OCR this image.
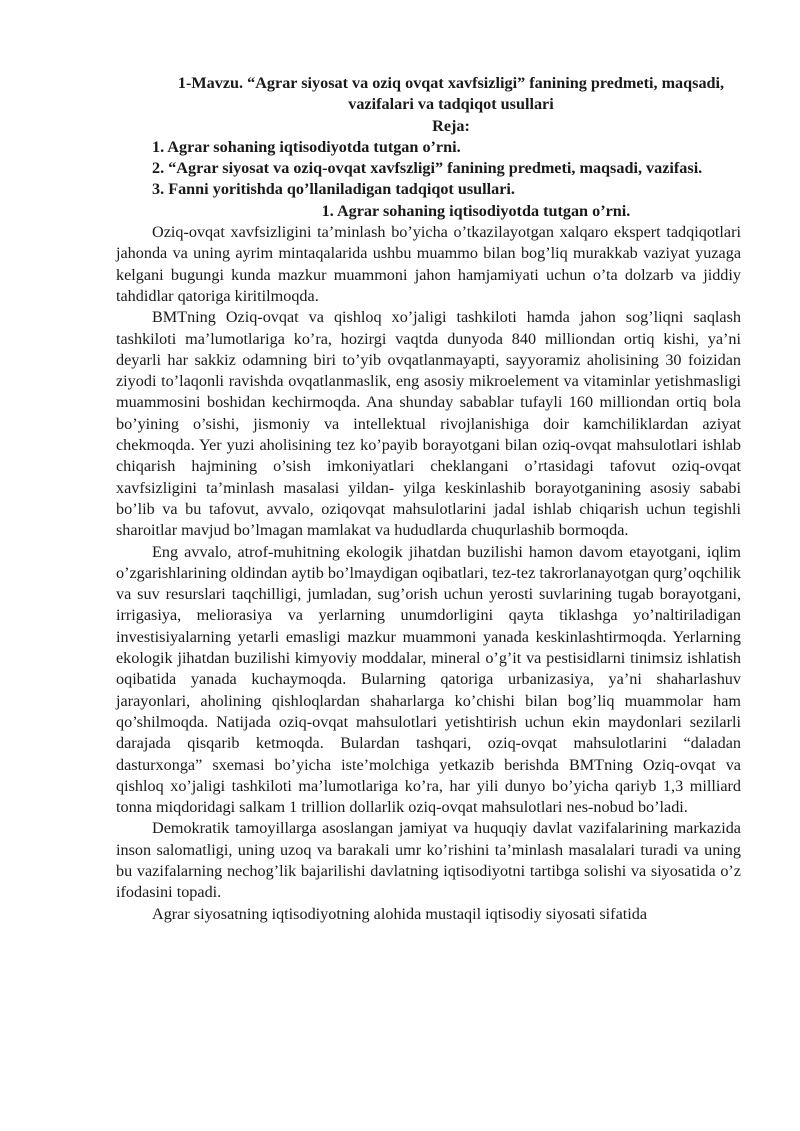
1-Mavzu. “Agrar siyosat va oziq ovqat xavfsizligi” fanining predmeti, maqsadi, vazifalari va tadqiqot usullari
Reja:
1. Agrar sohaning iqtisodiyotda tutgan o’rni.
2. “Agrar siyosat va oziq-ovqat xavfszligi” fanining predmeti, maqsadi, vazifasi.
3. Fanni yoritishda qo’llaniladigan tadqiqot usullari.
1. Agrar sohaning iqtisodiyotda tutgan o’rni.

Oziq-ovqat xavfsizligini ta’minlash bo’yicha o’tkazilayotgan xalqaro ekspert tadqiqotlari jahonda va uning ayrim mintaqalarida ushbu muammo bilan bog’liq murakkab vaziyat yuzaga kelgani bugungi kunda mazkur muammoni jahon hamjamiyati uchun o’ta dolzarb va jiddiy tahdidlar qatoriga kiritilmoqda.

BMTning Oziq-ovqat va qishloq xo’jaligi tashkiloti hamda jahon sog’liqni saqlash tashkiloti ma’lumotlariga ko’ra, hozirgi vaqtda dunyoda 840 milliondan ortiq kishi, ya’ni deyarli har sakkiz odamning biri to’yib ovqatlanmayapti, sayyoramiz aholisining 30 foizidan ziyodi to’laqonli ravishda ovqatlanmaslik, eng asosiy mikroelement va vitaminlar yetishmasligi muammosini boshidan kechirmoqda. Ana shunday sabablar tufayli 160 milliondan ortiq bola bo’yining o’sishi, jismoniy va intellektual rivojlanishiga doir kamchiliklardan aziyat chekmoqda. Yer yuzi aholisining tez ko’payib borayotgani bilan oziq-ovqat mahsulotlari ishlab chiqarish hajmining o’sish imkoniyatlari cheklangani o’rtasidagi tafovut oziq-ovqat xavfsizligini ta’minlash masalasi yildan- yilga keskinlashib borayotganining asosiy sababi bo’lib va bu tafovut, avvalo, oziqovqat mahsulotlarini jadal ishlab chiqarish uchun tegishli sharoitlar mavjud bo’lmagan mamlakat va hududlarda chuqurlashib bormoqda.

Eng avvalo, atrof-muhitning ekologik jihatdan buzilishi hamon davom etayotgani, iqlim o’zgarishlarining oldindan aytib bo’lmaydigan oqibatlari, tez-tez takrorlanayotgan qurg’oqchilik va suv resurslari taqchilligi, jumladan, sug’orish uchun yerosti suvlarining tugab borayotgani, irrigasiya, meliorasiya va yerlarning unumdorligini qayta tiklashga yo’naltiriladigan investisiyalarning yetarli emasligi mazkur muammoni yanada keskinlashtirmoqda. Yerlarning ekologik jihatdan buzilishi kimyoviy moddalar, mineral o’g’it va pestisidlarni tinimsiz ishlatish oqibatida yanada kuchaymoqda. Bularning qatoriga urbanizasiya, ya’ni shaharlashuv jarayonlari, aholining qishloqlardan shaharlarga ko’chishi bilan bog’liq muammolar ham qo’shilmoqda. Natijada oziq-ovqat mahsulotlari yetishtirish uchun ekin maydonlari sezilarli darajada qisqarib ketmoqda. Bulardan tashqari, oziq-ovqat mahsulotlarini “daladan dasturxonga” sxemasi bo’yicha iste’molchiga yetkazib berishda BMTning Oziq-ovqat va qishloq xo’jaligi tashkiloti ma’lumotlariga ko’ra, har yili dunyo bo’yicha qariyb 1,3 milliard tonna miqdoridagi salkam 1 trillion dollarlik oziq-ovqat mahsulotlari nes-nobud bo’ladi.

Demokratik tamoyillarga asoslangan jamiyat va huquqiy davlat vazifalarining markazida inson salomatligi, uning uzoq va barakali umr ko’rishini ta’minlash masalalari turadi va uning bu vazifalarning nechog’lik bajarilishi davlatning iqtisodiyotni tartibga solishi va siyosatida o’z ifodasini topadi.

Agrar siyosatning iqtisodiyotning alohida mustaqil iqtisodiy siyosati sifatida
